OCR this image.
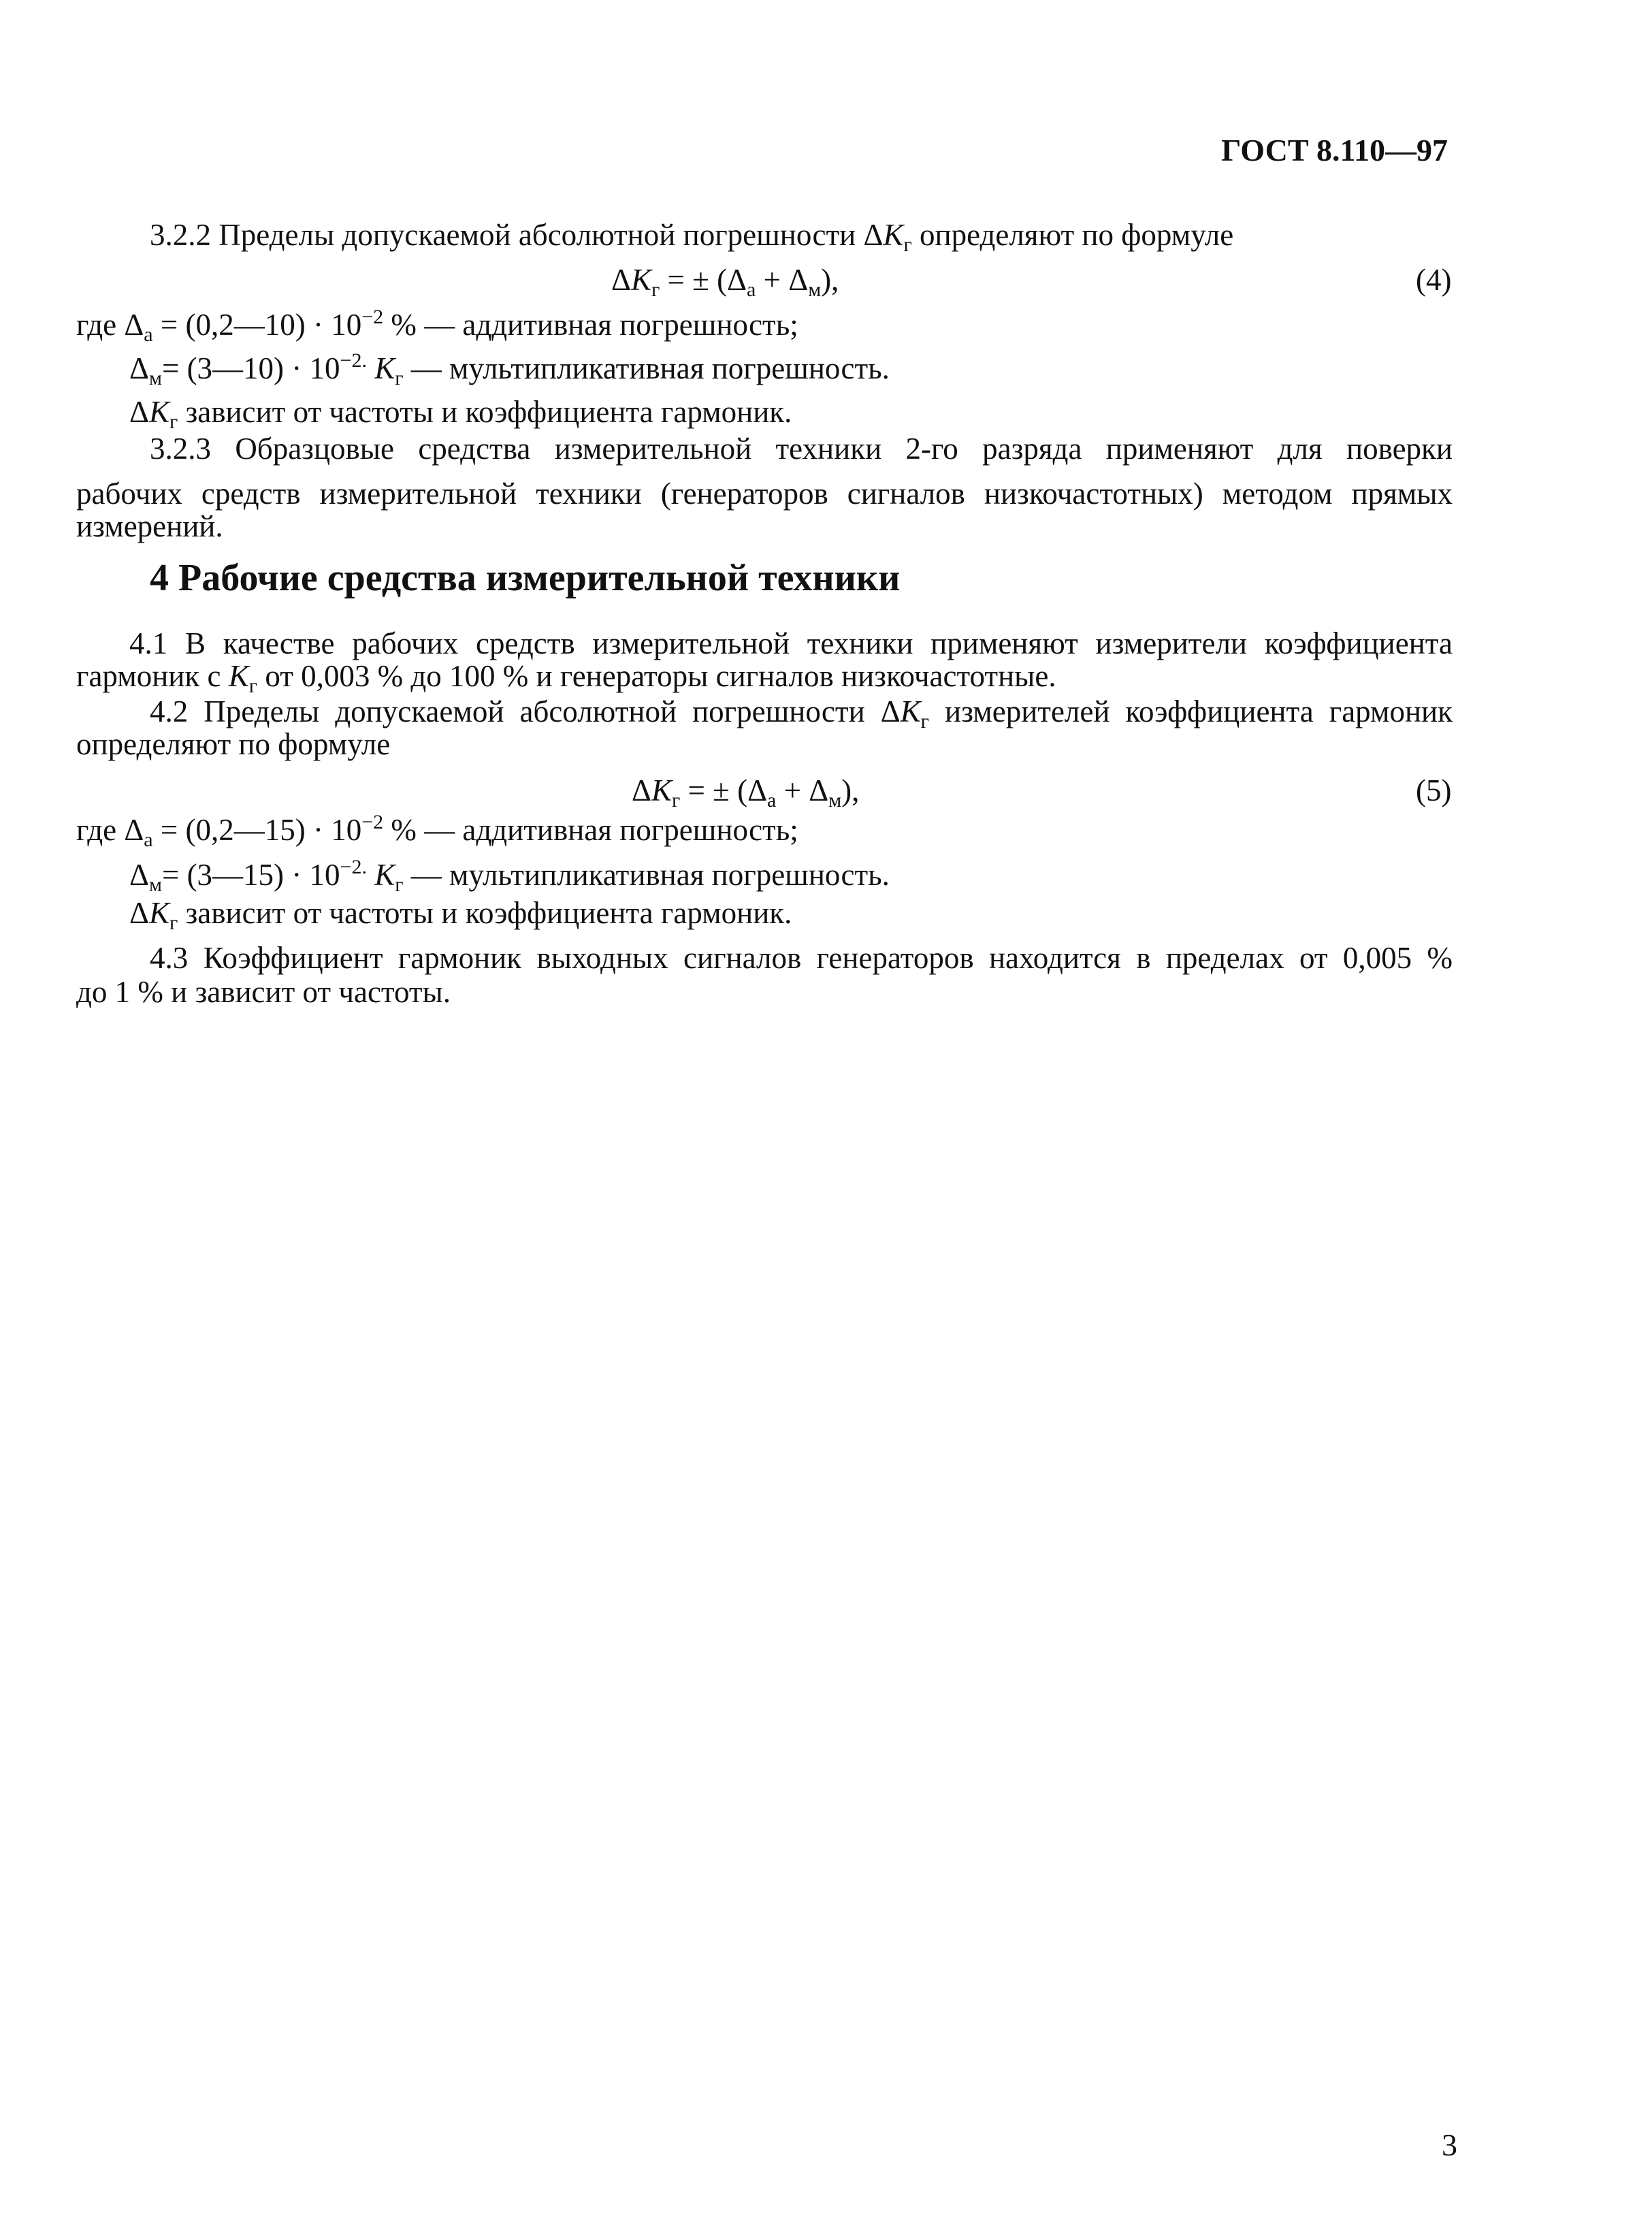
ГОСТ 8.110—97
3.2.2 Пределы допускаемой абсолютной погрешности $\Delta K_г$ определяют по формуле
$\Delta K_г$ = ± $(\Delta_а + \Delta_м)$,	(4)
где $\Delta_а$ = (0,2—10) · $10^{-2}$ % — аддитивная погрешность;
$\Delta_м=$ (3—10) · $10^{-2.}$ $K_г$ — мультипликативная погрешность.
$\Delta K_г$ зависит от частоты и коэффициента гармоник.
3.2.3 Образцовые средства измерительной техники 2-го разряда применяют для поверки
рабочих средств измерительной техники (генераторов сигналов низкочастотных) методом прямых
измерений.
4 Рабочие средства измерительной техники
4.1 В качестве рабочих средств измерительной техники применяют измерители коэффициента
гармоник с $K_г$ от 0,003 % до 100 % и генераторы сигналов низкочастотные.
4.2 Пределы допускаемой абсолютной погрешности $\Delta K_г$ измерителей коэффициента гармоник
определяют по формуле
$\Delta K_г$ = ± $(\Delta_а + \Delta_м)$,	(5)
где $\Delta_а$ = (0,2—15) · $10^{-2}$ % — аддитивная погрешность;
$\Delta_м=$ (3—15) · $10^{-2.}$ $K_г$ — мультипликативная погрешность.
$\Delta K_г$ зависит от частоты и коэффициента гармоник.
4.3 Коэффициент гармоник выходных сигналов генераторов находится в пределах от 0,005 %
до 1 % и зависит от частоты.
3
